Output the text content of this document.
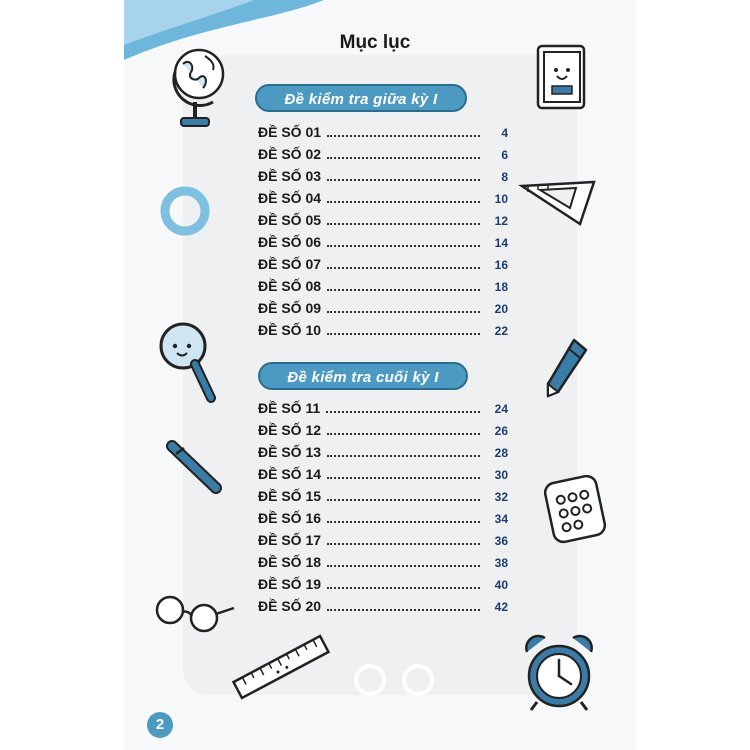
Mục lục
Đề kiểm tra giữa kỳ I
Đề kiểm tra cuối kỳ I
ĐỀ SỐ 01	4
ĐỀ SỐ 02	6
ĐỀ SỐ 03	8
ĐỀ SỐ 04	10
ĐỀ SỐ 05	12
ĐỀ SỐ 06	14
ĐỀ SỐ 07	16
ĐỀ SỐ 08	18
ĐỀ SỐ 09	20
ĐỀ SỐ 10	22
ĐỀ SỐ 11	24
ĐỀ SỐ 12	26
ĐỀ SỐ 13	28
ĐỀ SỐ 14	30
ĐỀ SỐ 15	32
ĐỀ SỐ 16	34
ĐỀ SỐ 17	36
ĐỀ SỐ 18	38
ĐỀ SỐ 19	40
ĐỀ SỐ 20	42
2
